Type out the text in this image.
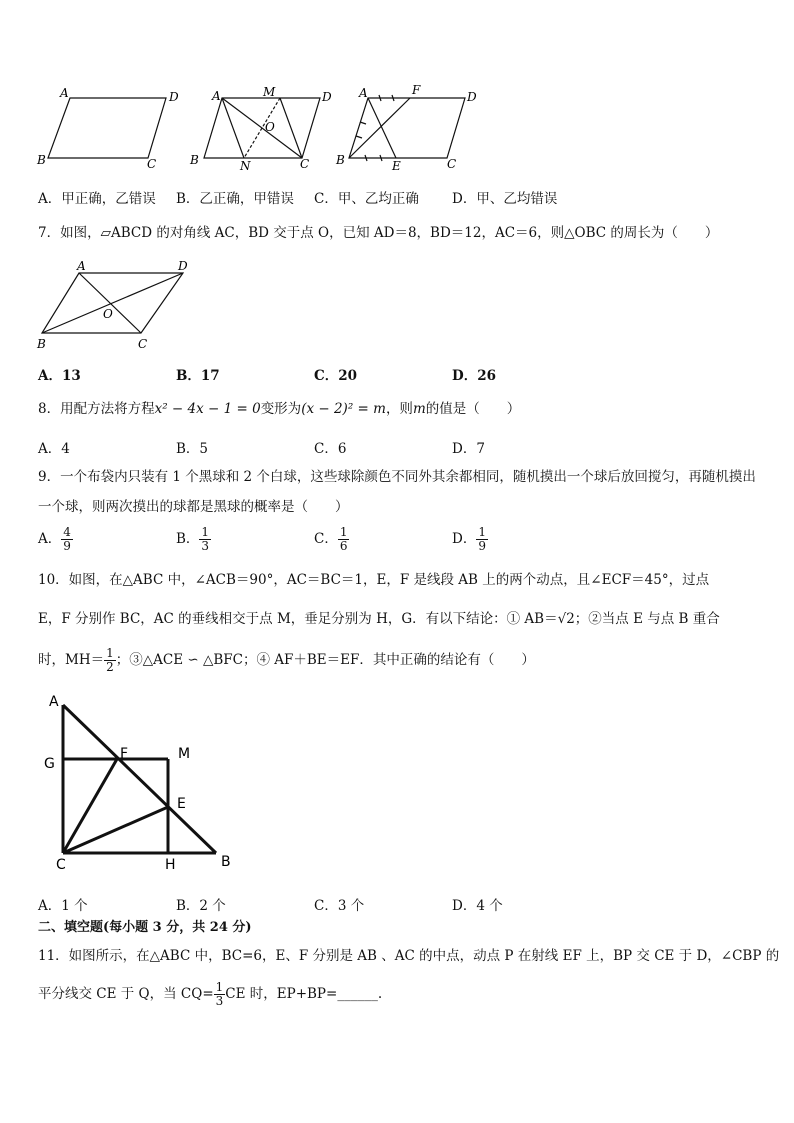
A	D
B	C
A	M	D
O
B	N	C
A	F	D
B	E	C
A．甲正确，乙错误 B．乙正确，甲错误 C．甲、乙均正确 D．甲、乙均错误
7．如图，▱ABCD 的对角线 AC，BD 交于点 O，已知 AD＝8，BD＝12，AC＝6，则△OBC 的周长为（　　）
A	D
O
B	C
A．13	B．17	C．20	D．26
8．用配方法将方程x² − 4x − 1 = 0变形为(x − 2)² = m，则m的值是（　　）
A．4	B．5	C．6	D．7
9．一个布袋内只装有 1 个黑球和 2 个白球，这些球除颜色不同外其余都相同，随机摸出一个球后放回搅匀，再随机摸出
一个球，则两次摸出的球都是黑球的概率是（　　）
A． $\frac{4}{9}$	B． $\frac{1}{3}$	C． $\frac{1}{6}$	D． $\frac{1}{9}$
10．如图，在△ABC 中，∠ACB＝90°，AC＝BC＝1，E，F 是线段 AB 上的两个动点，且∠ECF＝45°，过点
E，F 分别作 BC，AC 的垂线相交于点 M，垂足分别为 H，G．有以下结论：① AB＝√2；②当点 E 与点 B 重合
时，$MH= \frac{1}{2}$ ；③△ACE ∽ △BFC；④ AF＋BE＝EF．其中正确的结论有（　　）
A
G
F	M
E
C	H	B
A．1 个	B．2 个	C．3 个	D．4 个
二、填空题(每小题 3 分，共 24 分)
11．如图所示，在△ABC 中，BC=6，E、F 分别是 AB 、AC 的中点，动点 P 在射线 EF 上，BP 交 CE 于 D，∠CBP 的
平分线交 CE 于 Q，当 $CQ= \frac{1}{3}$ CE 时，EP+BP=______.
